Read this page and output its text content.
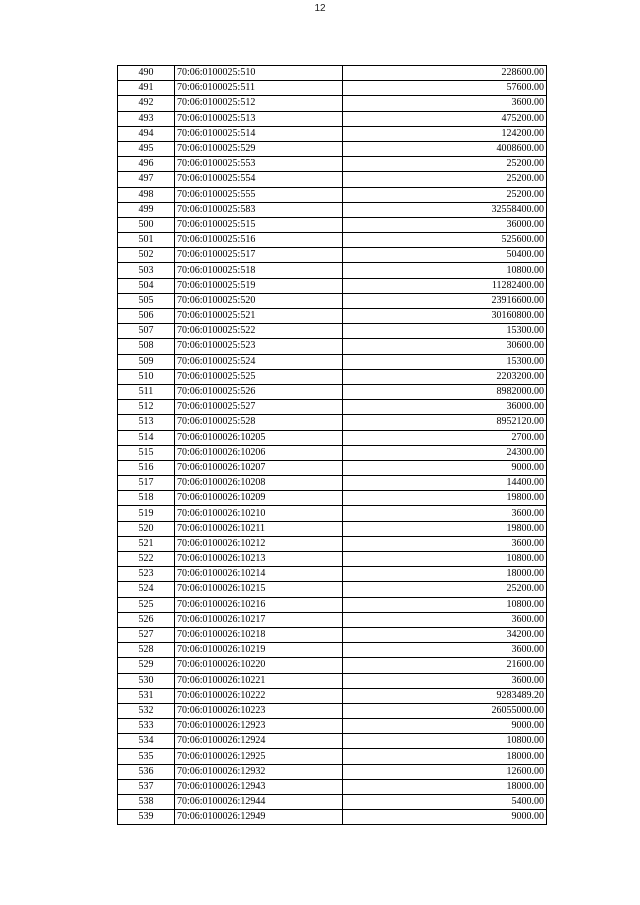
12
490	70:06:0100025:510	228600.00
491	70:06:0100025:511	57600.00
492	70:06:0100025:512	3600.00
493	70:06:0100025:513	475200.00
494	70:06:0100025:514	124200.00
495	70:06:0100025:529	4008600.00
496	70:06:0100025:553	25200.00
497	70:06:0100025:554	25200.00
498	70:06:0100025:555	25200.00
499	70:06:0100025:583	32558400.00
500	70:06:0100025:515	36000.00
501	70:06:0100025:516	525600.00
502	70:06:0100025:517	50400.00
503	70:06:0100025:518	10800.00
504	70:06:0100025:519	11282400.00
505	70:06:0100025:520	23916600.00
506	70:06:0100025:521	30160800.00
507	70:06:0100025:522	15300.00
508	70:06:0100025:523	30600.00
509	70:06:0100025:524	15300.00
510	70:06:0100025:525	2203200.00
511	70:06:0100025:526	8982000.00
512	70:06:0100025:527	36000.00
513	70:06:0100025:528	8952120.00
514	70:06:0100026:10205	2700.00
515	70:06:0100026:10206	24300.00
516	70:06:0100026:10207	9000.00
517	70:06:0100026:10208	14400.00
518	70:06:0100026:10209	19800.00
519	70:06:0100026:10210	3600.00
520	70:06:0100026:10211	19800.00
521	70:06:0100026:10212	3600.00
522	70:06:0100026:10213	10800.00
523	70:06:0100026:10214	18000.00
524	70:06:0100026:10215	25200.00
525	70:06:0100026:10216	10800.00
526	70:06:0100026:10217	3600.00
527	70:06:0100026:10218	34200.00
528	70:06:0100026:10219	3600.00
529	70:06:0100026:10220	21600.00
530	70:06:0100026:10221	3600.00
531	70:06:0100026:10222	9283489.20
532	70:06:0100026:10223	26055000.00
533	70:06:0100026:12923	9000.00
534	70:06:0100026:12924	10800.00
535	70:06:0100026:12925	18000.00
536	70:06:0100026:12932	12600.00
537	70:06:0100026:12943	18000.00
538	70:06:0100026:12944	5400.00
539	70:06:0100026:12949	9000.00
